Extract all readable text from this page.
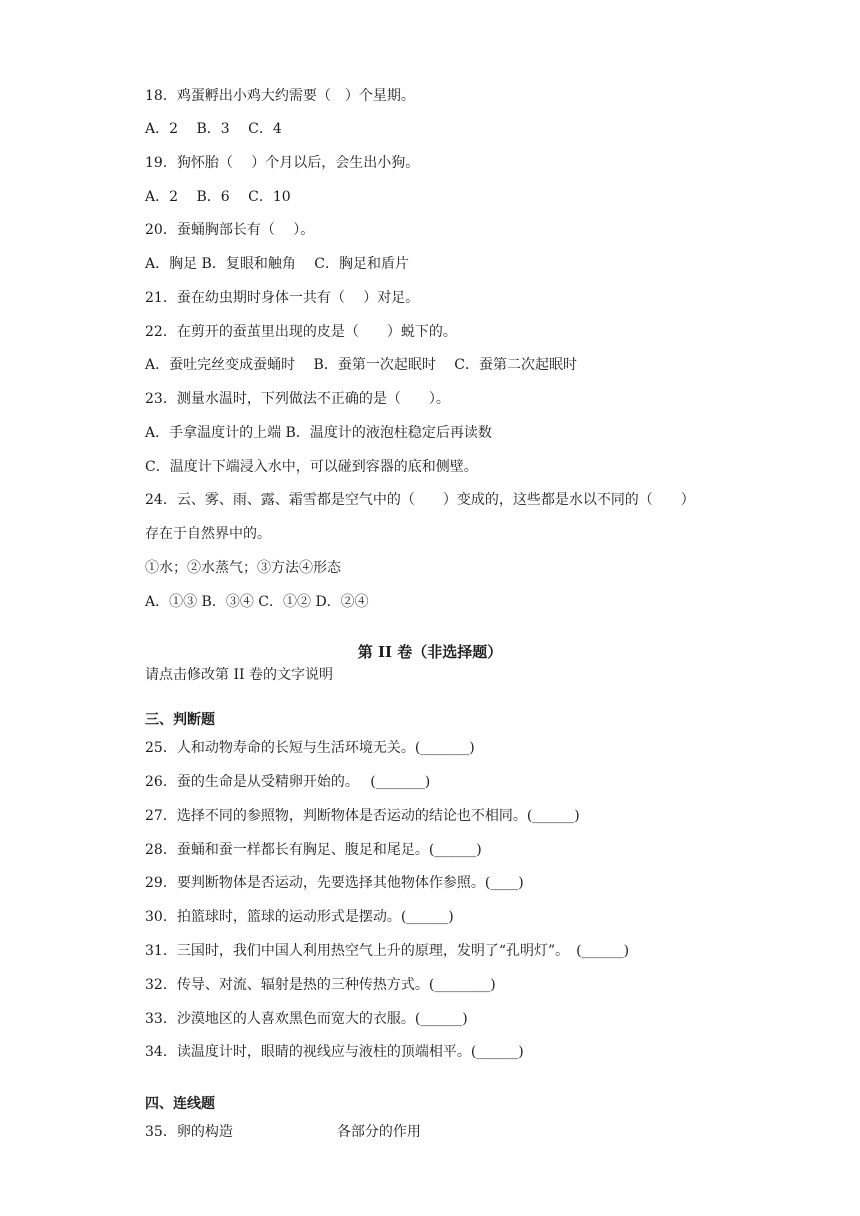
18．鸡蛋孵出小鸡大约需要（　）个星期。
A．2　 B．3　 C．4
19．狗怀胎（　 ）个月以后，会生出小狗。
A．2　 B．6　 C．10
20．蚕蛹胸部长有（　 ）。
A．胸足 B．复眼和触角　 C．胸足和盾片
21．蚕在幼虫期时身体一共有（　 ）对足。
22．在剪开的蚕茧里出现的皮是（　　）蜕下的。
A．蚕吐完丝变成蚕蛹时　 B．蚕第一次起眠时　 C．蚕第二次起眠时
23．测量水温时，下列做法不正确的是（　　）。
A．手拿温度计的上端 B．温度计的液泡柱稳定后再读数
C．温度计下端浸入水中，可以碰到容器的底和侧壁。
24．云、雾、雨、露、霜雪都是空气中的（　　）变成的，这些都是水以不同的（　　）
存在于自然界中的。
①水；②水蒸气；③方法④形态
A．①③ B．③④ C．①② D．②④
第 II 卷（非选择题）
请点击修改第 II 卷的文字说明
三、判断题
25．人和动物寿命的长短与生活环境无关。(_______)
26．蚕的生命是从受精卵开始的。　 (_______)
27．选择不同的参照物，判断物体是否运动的结论也不相同。(______)
28．蚕蛹和蚕一样都长有胸足、腹足和尾足。(______)
29．要判断物体是否运动，先要选择其他物体作参照。(____)
30．拍篮球时，篮球的运动形式是摆动。(______)
31．三国时，我们中国人利用热空气上升的原理，发明了“孔明灯”。　(______)
32．传导、对流、辐射是热的三种传热方式。(________)
33．沙漠地区的人喜欢黑色而宽大的衣服。(______)
34．读温度计时，眼睛的视线应与液柱的顶端相平。(______)
四、连线题
35．卵的构造	各部分的作用
